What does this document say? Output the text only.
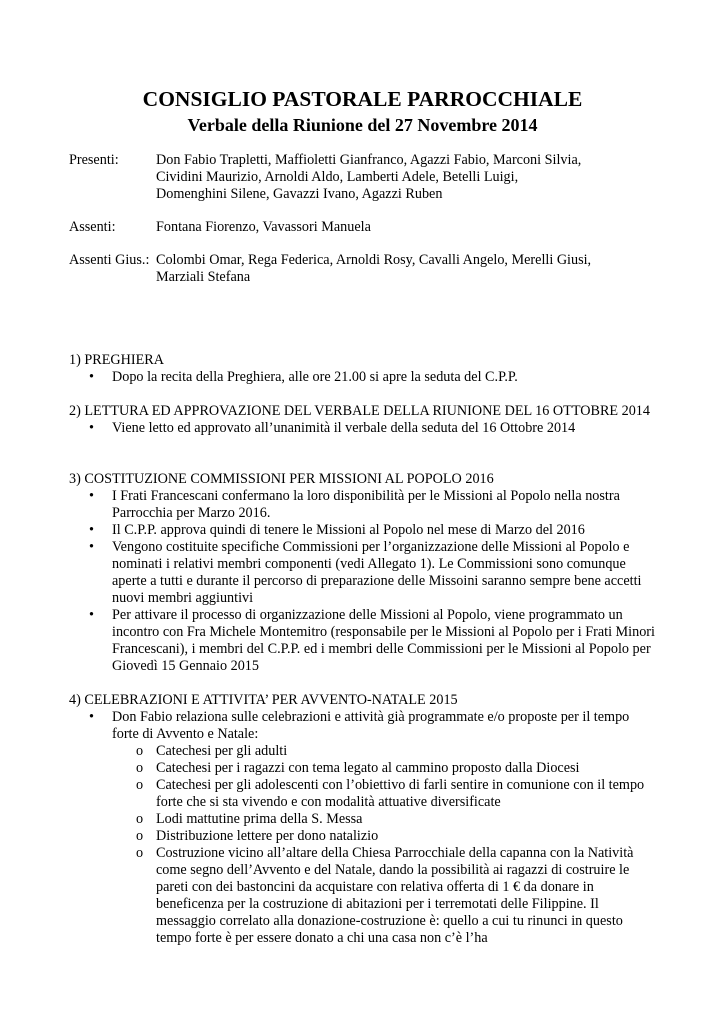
CONSIGLIO PASTORALE PARROCCHIALE
Verbale della Riunione del 27 Novembre 2014
Presenti:	Don Fabio Trapletti, Maffioletti Gianfranco, Agazzi Fabio, Marconi Silvia,
Cividini Maurizio, Arnoldi Aldo, Lamberti Adele, Betelli Luigi,
Domenghini Silene, Gavazzi Ivano, Agazzi Ruben
Assenti:	Fontana Fiorenzo, Vavassori Manuela
Assenti Gius.: Colombi Omar, Rega Federica, Arnoldi Rosy, Cavalli Angelo, Merelli Giusi,
Marziali Stefana
1) PREGHIERA
• Dopo la recita della Preghiera, alle ore 21.00 si apre la seduta del C.P.P.
2) LETTURA ED APPROVAZIONE DEL VERBALE DELLA RIUNIONE DEL 16 OTTOBRE 2014
• Viene letto ed approvato all’unanimità il verbale della seduta del 16 Ottobre 2014
3) COSTITUZIONE COMMISSIONI PER MISSIONI AL POPOLO 2016
• I Frati Francescani confermano la loro disponibilità per le Missioni al Popolo nella nostra Parrocchia per Marzo 2016.
• Il C.P.P. approva quindi di tenere le Missioni al Popolo nel mese di Marzo del 2016
• Vengono costituite specifiche Commissioni per l’organizzazione delle Missioni al Popolo e nominati i relativi membri componenti (vedi Allegato 1). Le Commissioni sono comunque aperte a tutti e durante il percorso di preparazione delle Missoini saranno sempre bene accetti nuovi membri aggiuntivi
• Per attivare il processo di organizzazione delle Missioni al Popolo, viene programmato un incontro con Fra Michele Montemitro (responsabile per le Missioni al Popolo per i Frati Minori Francescani), i membri del C.P.P. ed i membri delle Commissioni per le Missioni al Popolo per Giovedì 15 Gennaio 2015
4) CELEBRAZIONI E ATTIVITA’ PER AVVENTO-NATALE 2015
• Don Fabio relaziona sulle celebrazioni e attività già programmate e/o proposte per il tempo forte di Avvento e Natale:
o Catechesi per gli adulti
o Catechesi per i ragazzi con tema legato al cammino proposto dalla Diocesi
o Catechesi per gli adolescenti con l’obiettivo di farli sentire in comunione con il tempo forte che si sta vivendo e con modalità attuative diversificate
o Lodi mattutine prima della S. Messa
o Distribuzione lettere per dono natalizio
o Costruzione vicino all’altare della Chiesa Parrocchiale della capanna con la Natività come segno dell’Avvento e del Natale, dando la possibilità ai ragazzi di costruire le pareti con dei bastoncini da acquistare con relativa offerta di 1 € da donare in beneficenza per la costruzione di abitazioni per i terremotati delle Filippine. Il messaggio correlato alla donazione-costruzione è: quello a cui tu rinunci in questo tempo forte è per essere donato a chi una casa non c’è l’ha
